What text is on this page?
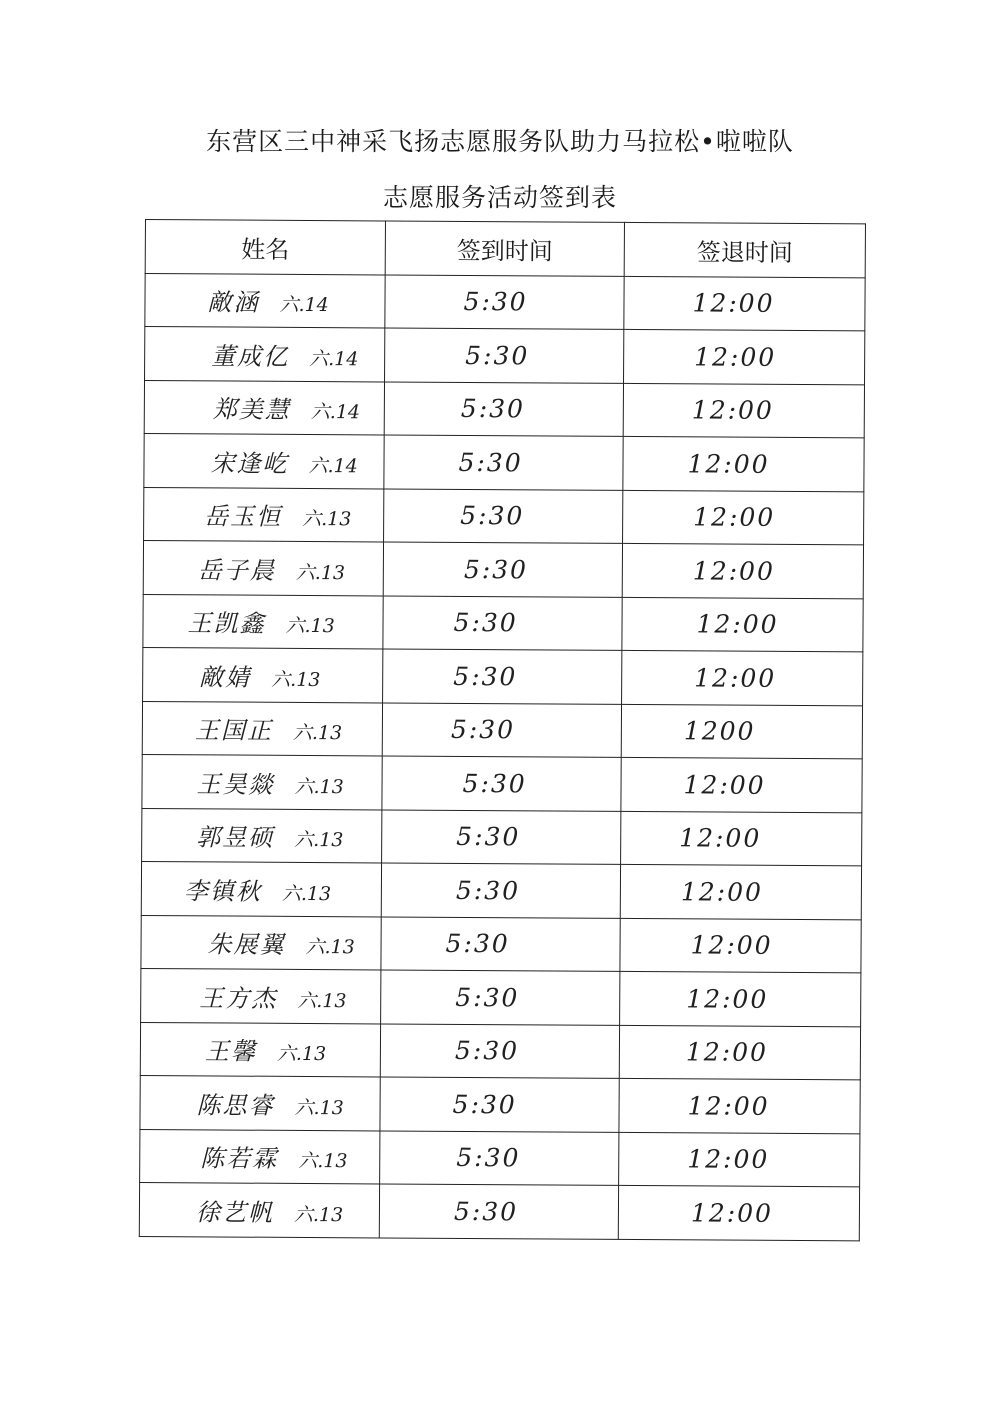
东营区三中神采飞扬志愿服务队助力马拉松•啦啦队
志愿服务活动签到表
姓名	签到时间	签退时间
敵涵 六.14	5:30	12:00
董成亿 六.14	5:30	12:00
郑美慧 六.14	5:30	12:00
宋逢屹 六.14	5:30	12:00
岳玉恒 六.13	5:30	12:00
岳子晨 六.13	5:30	12:00
王凯鑫 六.13	5:30	12:00
敵婧 六.13	5:30	12:00
王国正 六.13	5:30	1200
王昊燚 六.13	5:30	12:00
郭昱硕 六.13	5:30	12:00
李镇秋 六.13	5:30	12:00
朱展翼 六.13	5:30	12:00
王方杰 六.13	5:30	12:00
王馨 六.13	5:30	12:00
陈思睿 六.13	5:30	12:00
陈若霖 六.13	5:30	12:00
徐艺帆 六.13	5:30	12:00
